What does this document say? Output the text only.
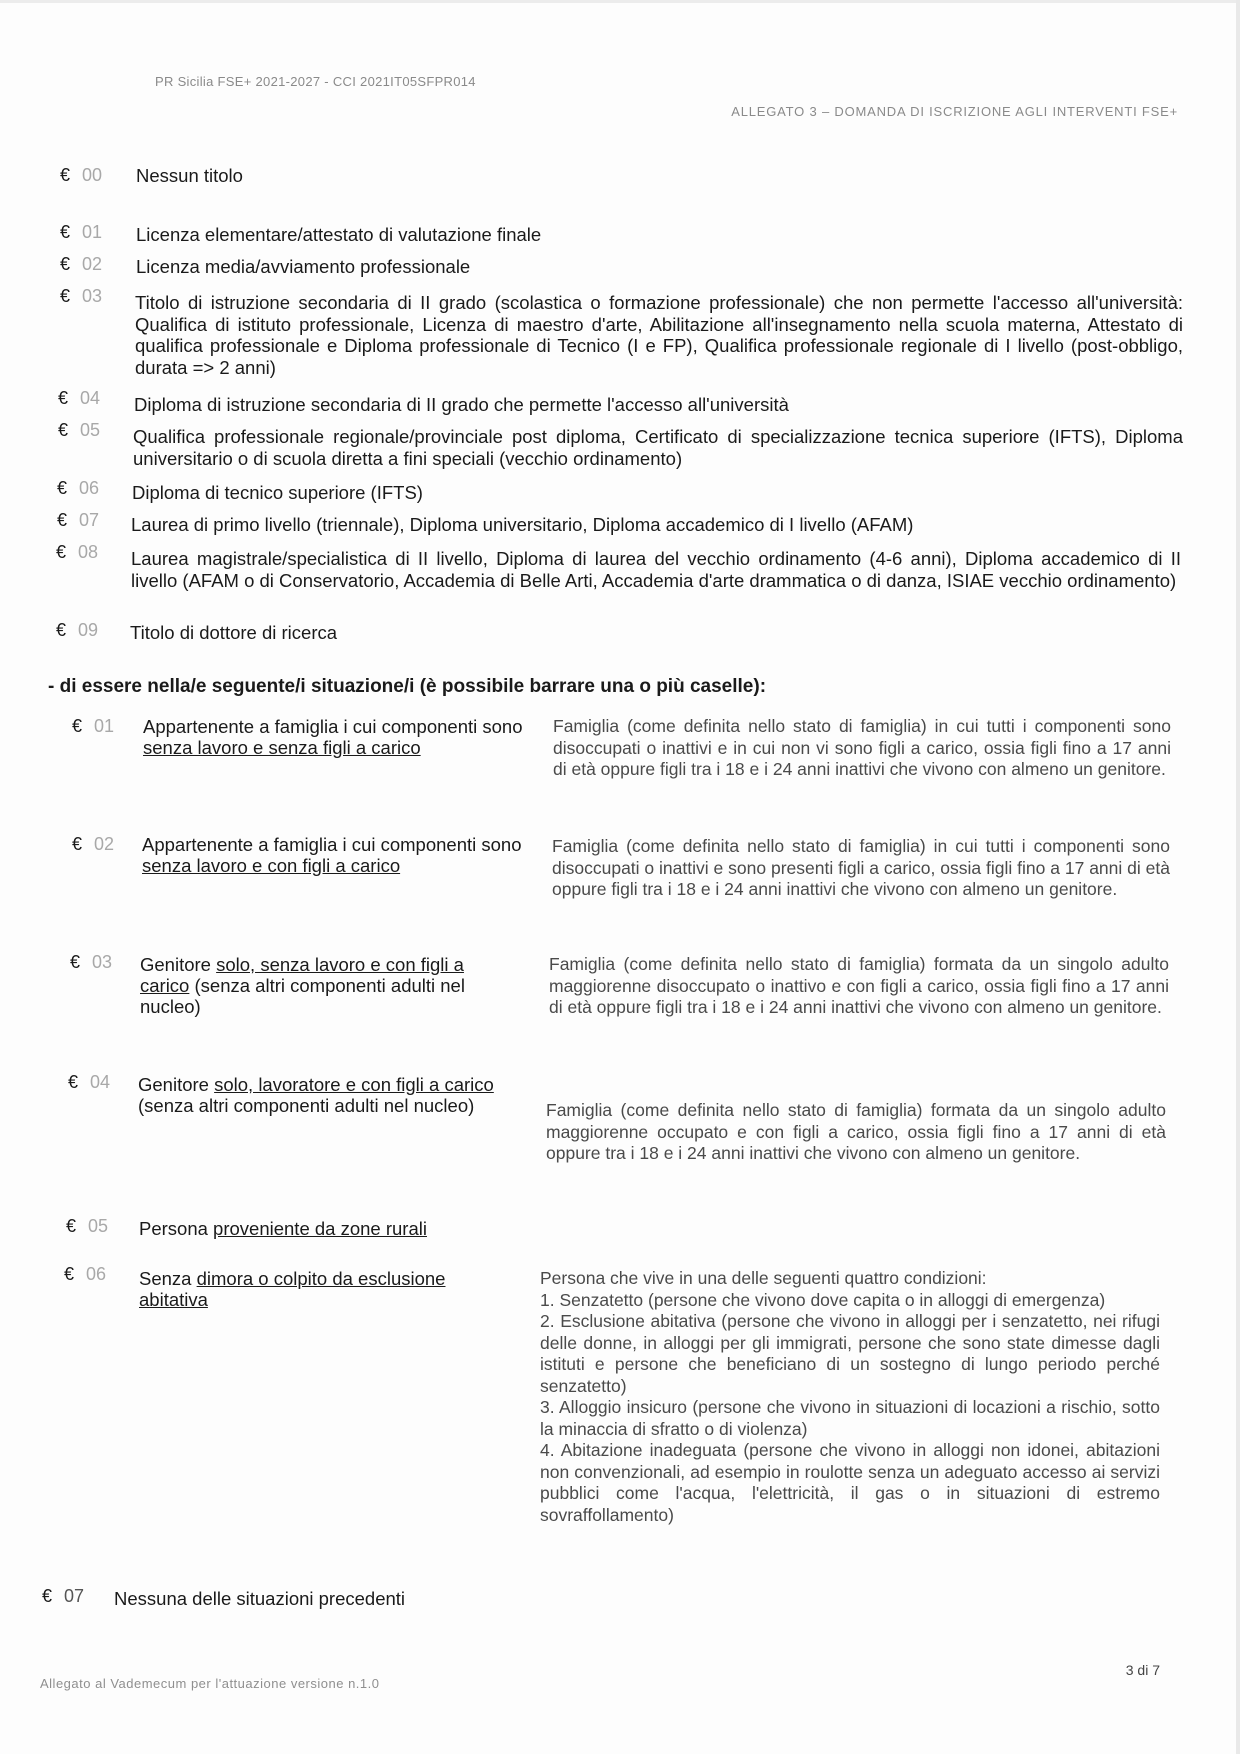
PR Sicilia FSE+ 2021-2027 - CCI 2021IT05SFPR014
ALLEGATO 3 – DOMANDA DI ISCRIZIONE AGLI INTERVENTI FSE+
€ 00 Nessun titolo
€ 01 Licenza elementare/attestato di valutazione finale
€ 02 Licenza media/avviamento professionale
€ 03 Titolo di istruzione secondaria di II grado (scolastica o formazione professionale) che non permette l'accesso all'università: Qualifica di istituto professionale, Licenza di maestro d'arte, Abilitazione all'insegnamento nella scuola materna, Attestato di qualifica professionale e Diploma professionale di Tecnico (I e FP), Qualifica professionale regionale di I livello (post-obbligo, durata => 2 anni)
€ 04 Diploma di istruzione secondaria di II grado che permette l'accesso all'università
€ 05 Qualifica professionale regionale/provinciale post diploma, Certificato di specializzazione tecnica superiore (IFTS), Diploma universitario o di scuola diretta a fini speciali (vecchio ordinamento)
€ 06 Diploma di tecnico superiore (IFTS)
€ 07 Laurea di primo livello (triennale), Diploma universitario, Diploma accademico di I livello (AFAM)
€ 08 Laurea magistrale/specialistica di II livello, Diploma di laurea del vecchio ordinamento (4-6 anni), Diploma accademico di II livello (AFAM o di Conservatorio, Accademia di Belle Arti, Accademia d'arte drammatica o di danza, ISIAE vecchio ordinamento)
€ 09 Titolo di dottore di ricerca
- di essere nella/e seguente/i situazione/i (è possibile barrare una o più caselle):
€ 01 Appartenente a famiglia i cui componenti sono senza lavoro e senza figli a carico
Famiglia (come definita nello stato di famiglia) in cui tutti i componenti sono disoccupati o inattivi e in cui non vi sono figli a carico, ossia figli fino a 17 anni di età oppure figli tra i 18 e i 24 anni inattivi che vivono con almeno un genitore.
€ 02 Appartenente a famiglia i cui componenti sono senza lavoro e con figli a carico
Famiglia (come definita nello stato di famiglia) in cui tutti i componenti sono disoccupati o inattivi e sono presenti figli a carico, ossia figli fino a 17 anni di età oppure figli tra i 18 e i 24 anni inattivi che vivono con almeno un genitore.
€ 03 Genitore solo, senza lavoro e con figli a carico (senza altri componenti adulti nel nucleo)
Famiglia (come definita nello stato di famiglia) formata da un singolo adulto maggiorenne disoccupato o inattivo e con figli a carico, ossia figli fino a 17 anni di età oppure figli tra i 18 e i 24 anni inattivi che vivono con almeno un genitore.
€ 04 Genitore solo, lavoratore e con figli a carico (senza altri componenti adulti nel nucleo)	Famiglia (come definita nello stato di famiglia) formata da un singolo adulto maggiorenne occupato e con figli a carico, ossia figli fino a 17 anni di età oppure tra i 18 e i 24 anni inattivi che vivono con almeno un genitore.
€ 05 Persona proveniente da zone rurali
€ 06 Senza dimora o colpito da esclusione abitativa
Persona che vive in una delle seguenti quattro condizioni:
1. Senzatetto (persone che vivono dove capita o in alloggi di emergenza)
2. Esclusione abitativa (persone che vivono in alloggi per i senzatetto, nei rifugi delle donne, in alloggi per gli immigrati, persone che sono state dimesse dagli istituti e persone che beneficiano di un sostegno di lungo periodo perché senzatetto)
3. Alloggio insicuro (persone che vivono in situazioni di locazioni a rischio, sotto la minaccia di sfratto o di violenza)
4. Abitazione inadeguata (persone che vivono in alloggi non idonei, abitazioni non convenzionali, ad esempio in roulotte senza un adeguato accesso ai servizi pubblici come l'acqua, l'elettricità, il gas o in situazioni di estremo sovraffollamento)
€ 07 Nessuna delle situazioni precedenti
Allegato al Vademecum per l'attuazione versione n.1.0
3 di 7
